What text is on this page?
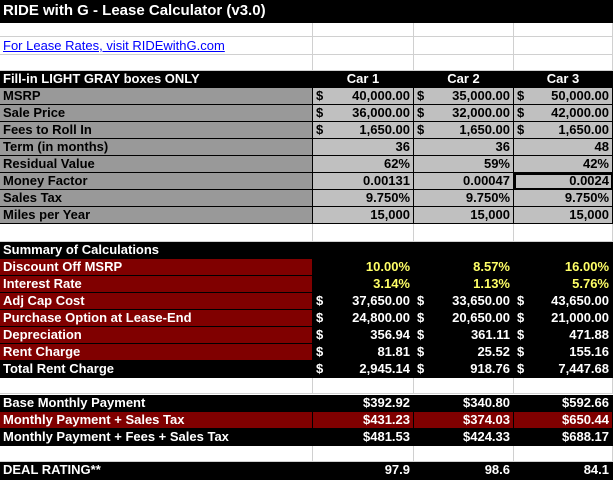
RIDE with G - Lease Calculator (v3.0)
For Lease Rates, visit RIDEwithG.com
Fill-in LIGHT GRAY boxes ONLY	Car 1	Car 2	Car 3
MSRP	$ 40,000.00 $ 35,000.00 $ 50,000.00
Sale Price	$ 36,000.00 $ 32,000.00 $ 42,000.00
Fees to Roll In	$	1,650.00 $	1,650.00 $	1,650.00
Term (in months)	36	36	48
Residual Value	62%	59%	42%
Money Factor	0.00131	0.00047	0.0024
Sales Tax	9.750%	9.750%	9.750%
Miles per Year	15,000	15,000	15,000
Summary of Calculations
Discount Off MSRP	10.00%	8.57%	16.00%
Interest Rate	3.14%	1.13%	5.76%
Adj Cap Cost	$ 37,650.00 $ 33,650.00 $ 43,650.00
Purchase Option at Lease-End	$ 24,800.00 $ 20,650.00 $ 21,000.00
Depreciation	$	356.94 $	361.11 $	471.88
Rent Charge	$	81.81 $	25.52 $	155.16
Total Rent Charge	$	2,945.14 $	918.76 $	7,447.68
Base Monthly Payment	$392.92	$340.80	$592.66
Monthly Payment + Sales Tax	$431.23	$374.03	$650.44
Monthly Payment + Fees + Sales Tax	$481.53	$424.33	$688.17
DEAL RATING**	97.9	98.6	84.1
